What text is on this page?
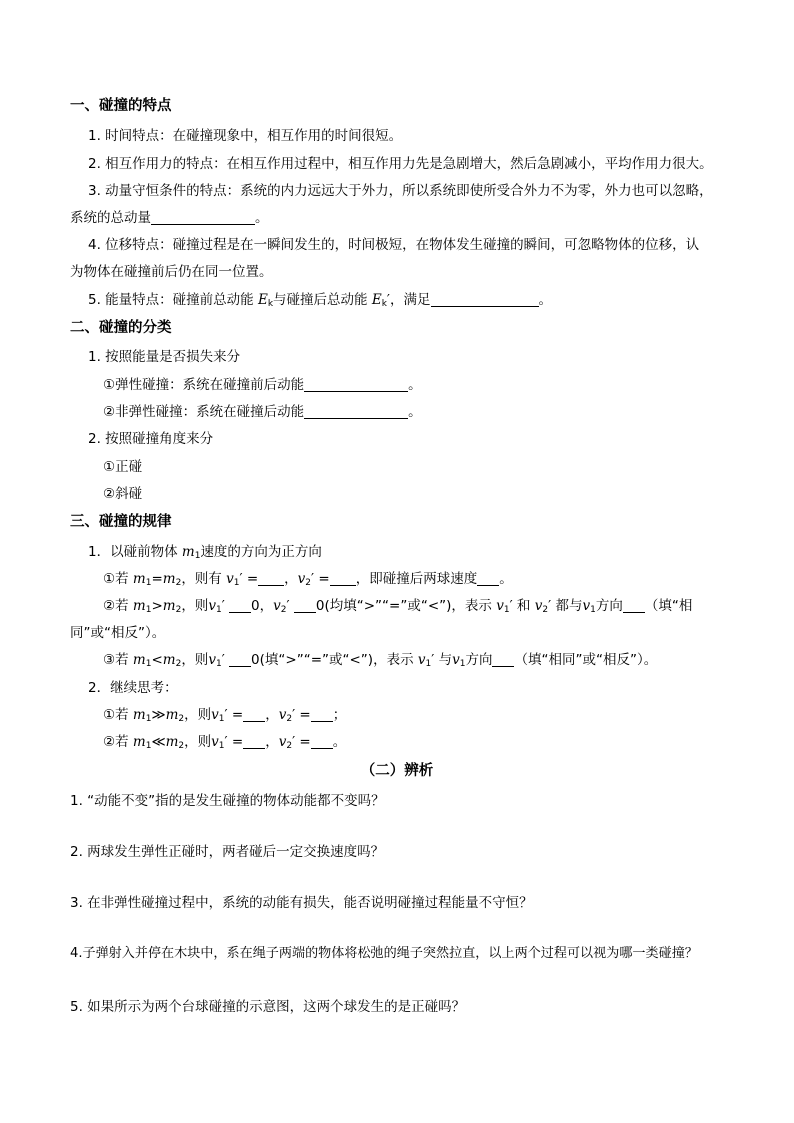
一、碰撞的特点
1. 时间特点：在碰撞现象中，相互作用的时间很短。
2. 相互作用力的特点：在相互作用过程中，相互作用力先是急剧增大，然后急剧减小，平均作用力很大。
3. 动量守恒条件的特点：系统的内力远远大于外力，所以系统即使所受合外力不为零，外力也可以忽略，
系统的总动量	。
4. 位移特点：碰撞过程是在一瞬间发生的，时间极短，在物体发生碰撞的瞬间，可忽略物体的位移，认
为物体在碰撞前后仍在同一位置。
5. 能量特点：碰撞前总动能 $E_k$与碰撞后总动能 $E_k'$，满足	。
二、碰撞的分类
1. 按照能量是否损失来分
①弹性碰撞：系统在碰撞前后动能	。
②非弹性碰撞：系统在碰撞后动能	。
2. 按照碰撞角度来分
①正碰
②斜碰
三、碰撞的规律
1．以碰前物体 $m_1$速度的方向为正方向
①若 $m_1=m_2$，则有 $v_1'$ = ，$v_2'$ = ，即碰撞后两球速度 。
②若 $m_1>m_2$，则$v_1'$ 0，$v_2'$ 0(均填“>”“=”或“<”)，表示 $v_1'$ 和 $v_2'$ 都与$v_1$方向 （填“相
同”或“相反”）。
③若 $m_1<m_2$，则$v_1'$ 0(填“>”“=”或“<”)，表示 $v_1'$ 与$v_1$方向 （填“相同”或“相反”）。
2．继续思考：
①若 $m_1≫m_2$，则$v_1'$ = ，$v_2'$ = ；
②若 $m_1≪m_2$，则$v_1'$ = ，$v_2'$ = 。
（二）辨析
1. “动能不变”指的是发生碰撞的物体动能都不变吗？
2. 两球发生弹性正碰时，两者碰后一定交换速度吗？
3. 在非弹性碰撞过程中，系统的动能有损失，能否说明碰撞过程能量不守恒？
4.子弹射入并停在木块中，系在绳子两端的物体将松弛的绳子突然拉直，以上两个过程可以视为哪一类碰撞？
5. 如果所示为两个台球碰撞的示意图，这两个球发生的是正碰吗？
